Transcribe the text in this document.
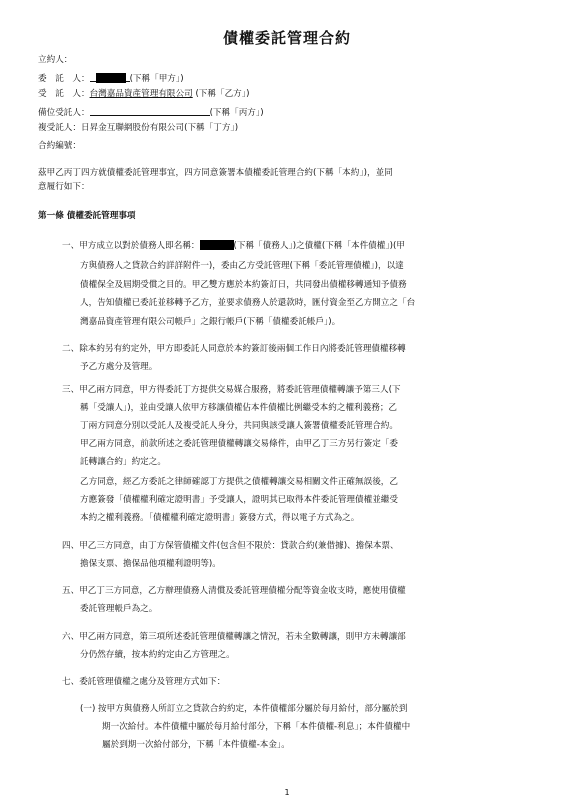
債權委託管理合約
立約人：
委　託　人：	(下稱「甲方」)
受　託　人：台灣嘉品資產管理有限公司 (下稱「乙方」)
備位受託人：	(下稱「丙方」)
複受託人：日昇金互聯網股份有限公司(下稱「丁方」)
合約編號：
茲甲乙丙丁四方就債權委託管理事宜，四方同意簽署本債權委託管理合約(下稱「本約」)，並同
意履行如下：
第一條 債權委託管理事項
一、甲方成立以對於債務人即名稱：	(下稱「債務人」)之債權(下稱「本件債權」)(甲
方與債務人之貸款合約詳詳附件一)，委由乙方受託管理(下稱「委託管理債權」)，以達
債權保全及屆期受償之目的。甲乙雙方應於本約簽訂日，共同發出債權移轉通知予債務
人，告知債權已委託並移轉予乙方，並要求債務人於還款時，匯付資金至乙方開立之「台
灣嘉品資產管理有限公司帳戶」之銀行帳戶(下稱「債權委託帳戶」)。
二、除本約另有約定外，甲方即委託人同意於本約簽訂後兩個工作日內將委託管理債權移轉
予乙方處分及管理。
三、甲乙兩方同意，甲方得委託丁方提供交易媒合服務，將委託管理債權轉讓予第三人(下
稱「受讓人」)，並由受讓人依甲方移讓債權佔本件債權比例繼受本約之權利義務；乙
丁兩方同意分別以受託人及複受託人身分，共同與該受讓人簽署債權委託管理合約。
甲乙兩方同意，前款所述之委託管理債權轉讓交易條件，由甲乙丁三方另行簽定「委
託轉讓合約」約定之。
乙方同意，經乙方委託之律師確認丁方提供之債權轉讓交易相關文件正確無誤後，乙
方應簽發「債權權利確定證明書」予受讓人，證明其已取得本件委託管理債權並繼受
本約之權利義務。「債權權利確定證明書」簽發方式，得以電子方式為之。
四、甲乙三方同意，由丁方保管債權文件(包含但不限於：貸款合約(兼借據)、擔保本票、
擔保支票、擔保品他項權利證明等)。
五、甲乙丁三方同意，乙方辦理債務人清償及委託管理債權分配等資金收支時，應使用債權
委託管理帳戶為之。
六、甲乙兩方同意，第三項所述委託管理債權轉讓之情況，若未全數轉讓，則甲方未轉讓部
分仍然存續，按本約約定由乙方管理之。
七、委託管理債權之處分及管理方式如下：
(一) 按甲方與債務人所訂立之貸款合約約定，本件債權部分屬於每月給付，部分屬於到
期一次給付。本件債權中屬於每月給付部分，下稱「本件債權-利息」；本件債權中
屬於到期一次給付部分，下稱「本件債權-本金」。
1
